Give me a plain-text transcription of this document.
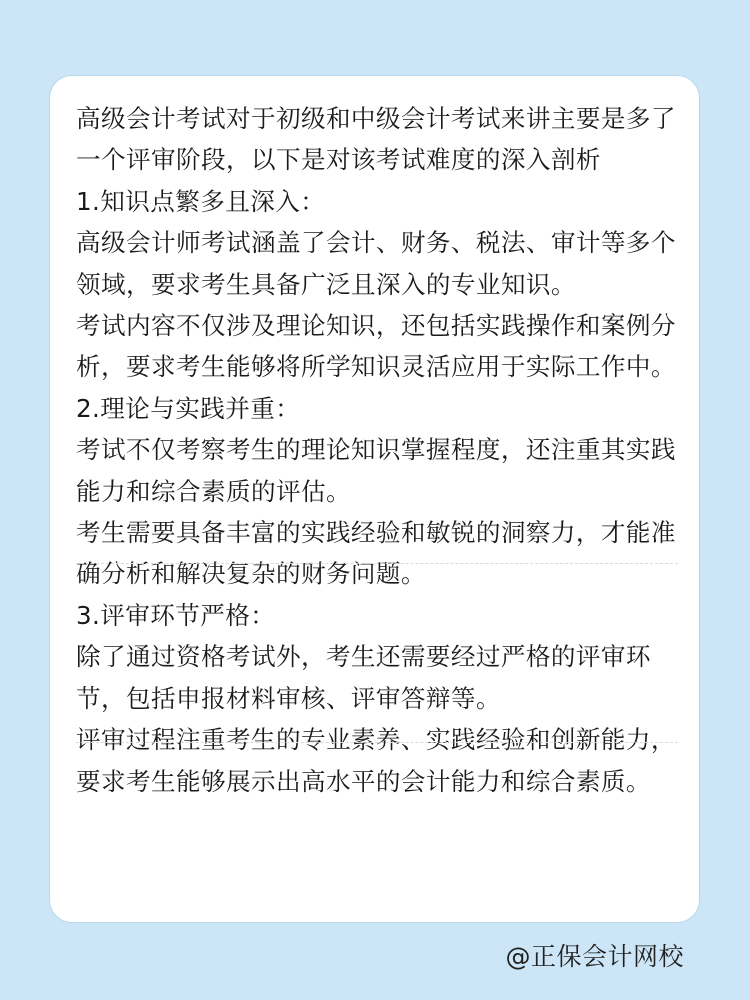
高级会计考试对于初级和中级会计考试来讲主要是多了一个评审阶段，以下是对该考试难度的深入剖析

1.知识点繁多且深入：

高级会计师考试涵盖了会计、财务、税法、审计等多个领域，要求考生具备广泛且深入的专业知识。

考试内容不仅涉及理论知识，还包括实践操作和案例分析，要求考生能够将所学知识灵活应用于实际工作中。

2.理论与实践并重：

考试不仅考察考生的理论知识掌握程度，还注重其实践能力和综合素质的评估。

考生需要具备丰富的实践经验和敏锐的洞察力，才能准确分析和解决复杂的财务问题。

3.评审环节严格：

除了通过资格考试外，考生还需要经过严格的评审环节，包括申报材料审核、评审答辩等。

评审过程注重考生的专业素养、实践经验和创新能力，要求考生能够展示出高水平的会计能力和综合素质。

@正保会计网校
